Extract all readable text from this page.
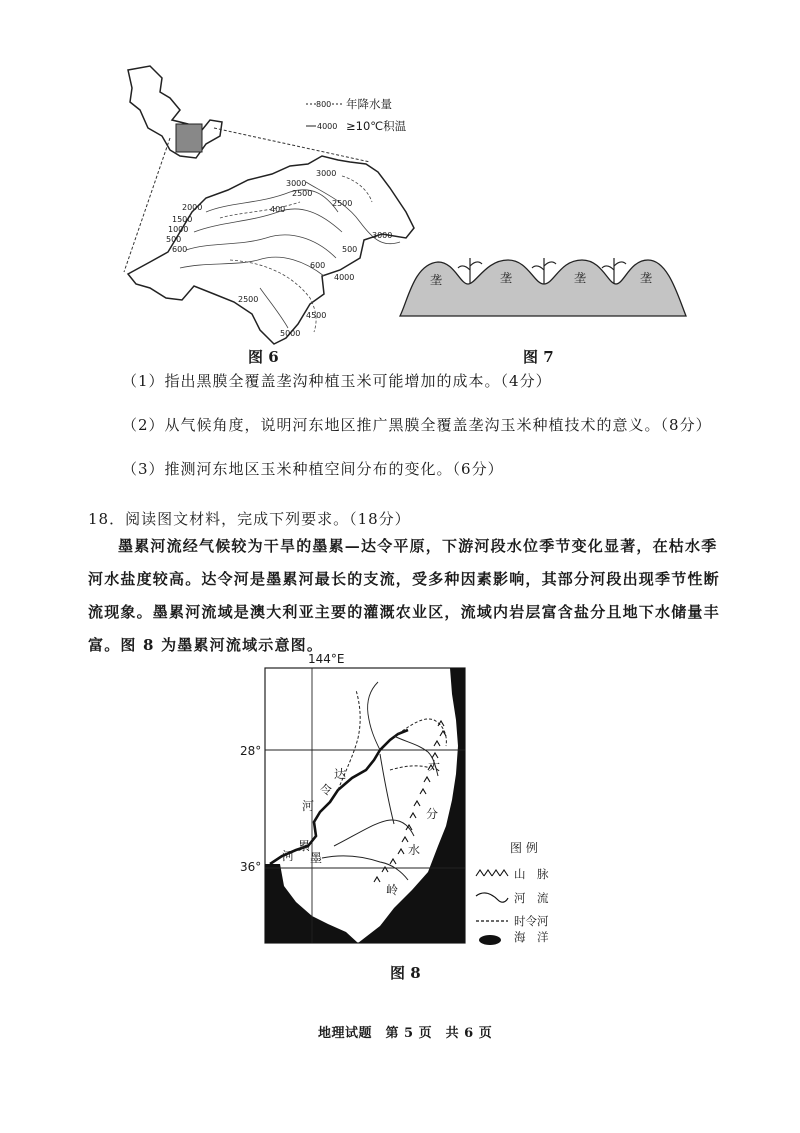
3000
2500
3000
2500
2000	400
1500
1000
500
600
3000
500
4000
600
2500
4500
5000
800 年降水量
4000 ≥10℃积温
垄	垄	垄	垄
图 6	图 7
（1）指出黑膜全覆盖垄沟种植玉米可能增加的成本。（4分）
（2）从气候角度，说明河东地区推广黑膜全覆盖垄沟玉米种植技术的意义。（8分）
（3）推测河东地区玉米种植空间分布的变化。（6分）
18．阅读图文材料，完成下列要求。（18分）
墨累河流经气候较为干旱的墨累—达令平原，下游河段水位季节变化显著，在枯水季河水盐度较高。达令河是墨累河最长的支流，受多种因素影响，其部分河段出现季节性断流现象。墨累河流域是澳大利亚主要的灌溉农业区，流域内岩层富含盐分且地下水储量丰富。图 8 为墨累河流域示意图。
144°E
达
令
河
河
累
墨
大
分
水
岭
图 例
山　脉
河　流
时令河
28°
36°
海　洋
图 8
地理试题　第 5 页　共 6 页
